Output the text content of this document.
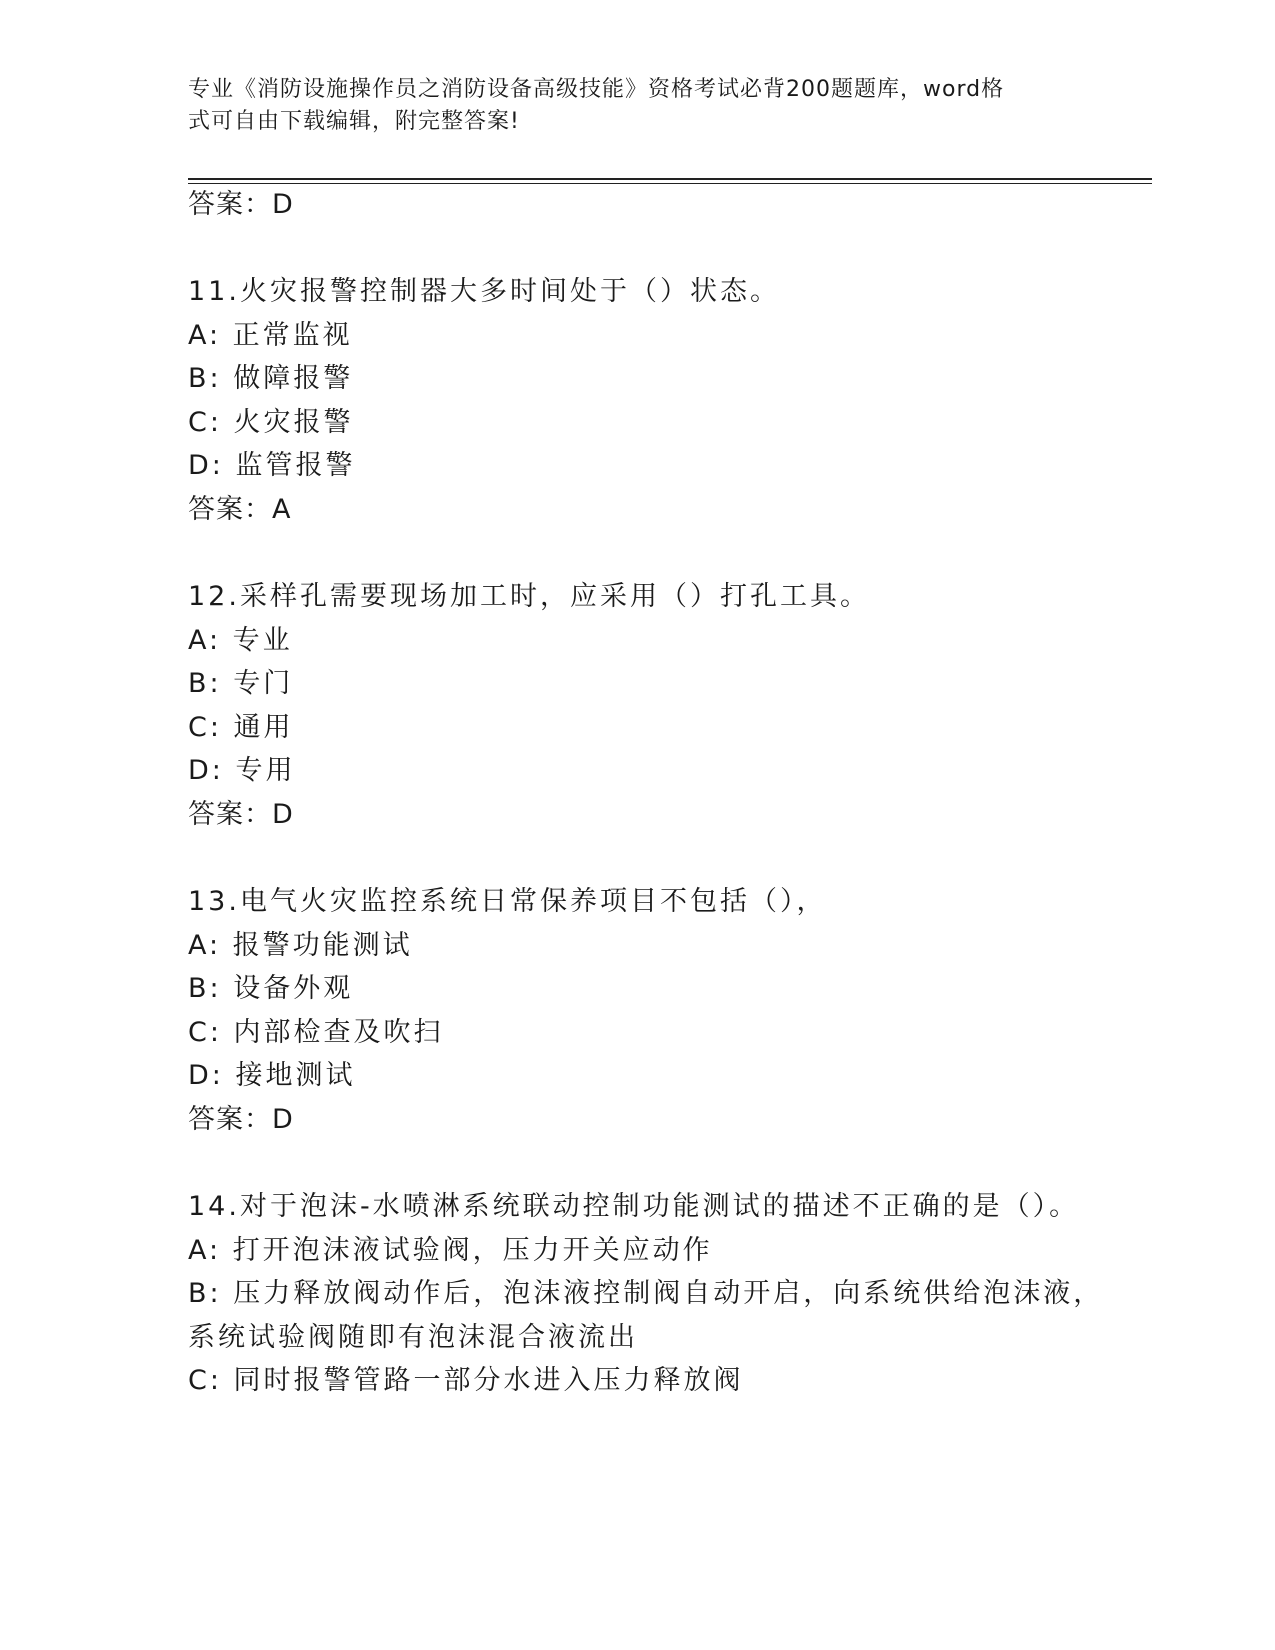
专业《消防设施操作员之消防设备高级技能》资格考试必背200题题库，word格
式可自由下载编辑，附完整答案!
答案：D
11.火灾报警控制器大多时间处于（）状态。
A: 正常监视
B: 做障报警
C: 火灾报警
D: 监管报警
答案：A
12.采样孔需要现场加工时，应采用（）打孔工具。
A: 专业
B: 专门
C: 通用
D: 专用
答案：D
13.电气火灾监控系统日常保养项目不包括（），
A: 报警功能测试
B: 设备外观
C: 内部检查及吹扫
D: 接地测试
答案：D
14.对于泡沫-水喷淋系统联动控制功能测试的描述不正确的是（）。
A: 打开泡沫液试验阀，压力开关应动作
B: 压力释放阀动作后，泡沫液控制阀自动开启，向系统供给泡沫液，
系统试验阀随即有泡沫混合液流出
C: 同时报警管路一部分水进入压力释放阀
